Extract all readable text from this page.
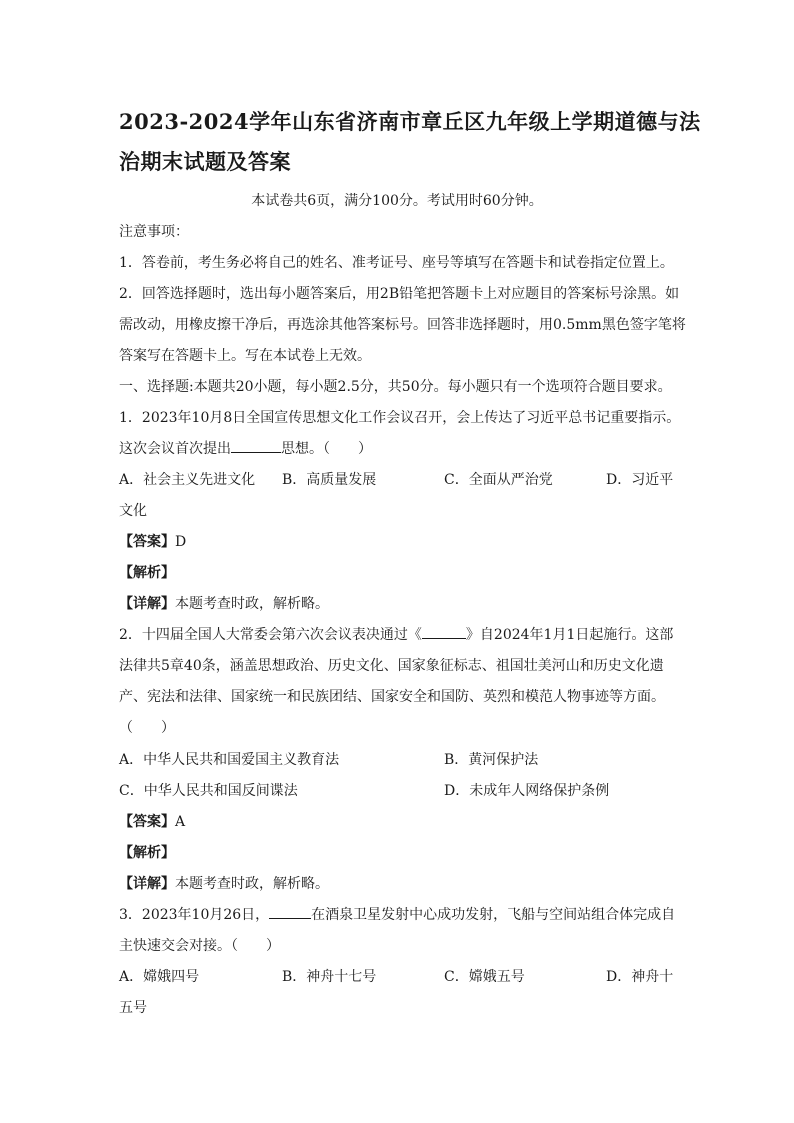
2023-2024学年山东省济南市章丘区九年级上学期道德与法
治期末试题及答案
本试卷共6页，满分100分。考试用时60分钟。
注意事项：
1．答卷前，考生务必将自己的姓名、准考证号、座号等填写在答题卡和试卷指定位置上。
2．回答选择题时，选出每小题答案后，用2B铅笔把答题卡上对应题目的答案标号涂黑。如
需改动，用橡皮擦干净后，再选涂其他答案标号。回答非选择题时，用0.5mm黑色签字笔将
答案写在答题卡上。写在本试卷上无效。
一、选择题:本题共20小题，每小题2.5分，共50分。每小题只有一个选项符合题目要求。
1．2023年10月8日全国宣传思想文化工作会议召开，会上传达了习近平总书记重要指示。
这次会议首次提出	思想。（　　）
A．社会主义先进文化 B．高质量发展	C．全面从严治党	D．习近平
文化
【答案】D
【解析】
【详解】本题考查时政，解析略。
2．十四届全国人大常委会第六次会议表决通过《	》自2024年1月1日起施行。这部
法律共5章40条，涵盖思想政治、历史文化、国家象征标志、祖国壮美河山和历史文化遗
产、宪法和法律、国家统一和民族团结、国家安全和国防、英烈和模范人物事迹等方面。
（　　）
A．中华人民共和国爱国主义教育法	B．黄河保护法
C．中华人民共和国反间谍法	D．未成年人网络保护条例
【答案】A
【解析】
【详解】本题考查时政，解析略。
3．2023年10月26日，	在酒泉卫星发射中心成功发射，飞船与空间站组合体完成自
主快速交会对接。（　　）
A．嫦娥四号	B．神舟十七号	C．嫦娥五号	D．神舟十
五号
